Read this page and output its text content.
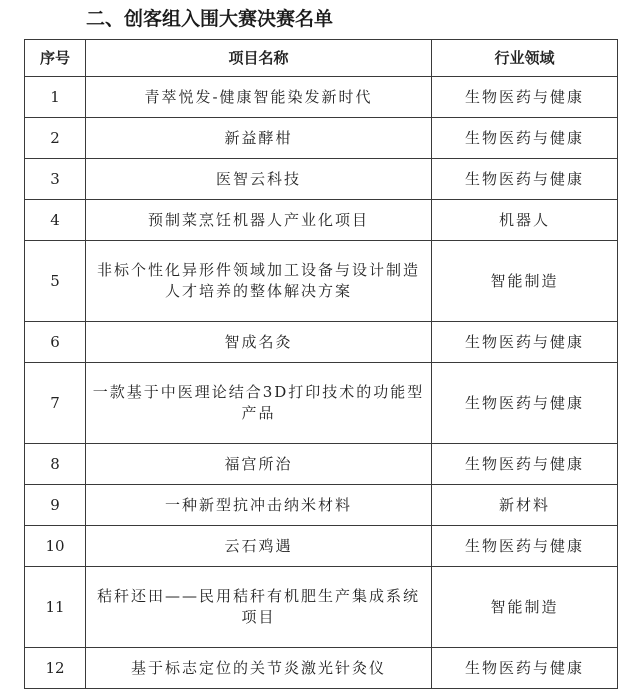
二、创客组入围大赛决赛名单
序号	项目名称	行业领域
1	青萃悦发-健康智能染发新时代	生物医药与健康
2	新益酵柑	生物医药与健康
3	医智云科技	生物医药与健康
4	预制菜烹饪机器人产业化项目	机器人
5	非标个性化异形件领域加工设备与设计制造人才培养的整体解决方案	智能制造
6	智成名灸	生物医药与健康
7	一款基于中医理论结合3D打印技术的功能型产品	生物医药与健康
8	福宫所治	生物医药与健康
9	一种新型抗冲击纳米材料	新材料
10	云石鸡遇	生物医药与健康
11	秸秆还田——民用秸秆有机肥生产集成系统项目	智能制造
12	基于标志定位的关节炎激光针灸仪	生物医药与健康
